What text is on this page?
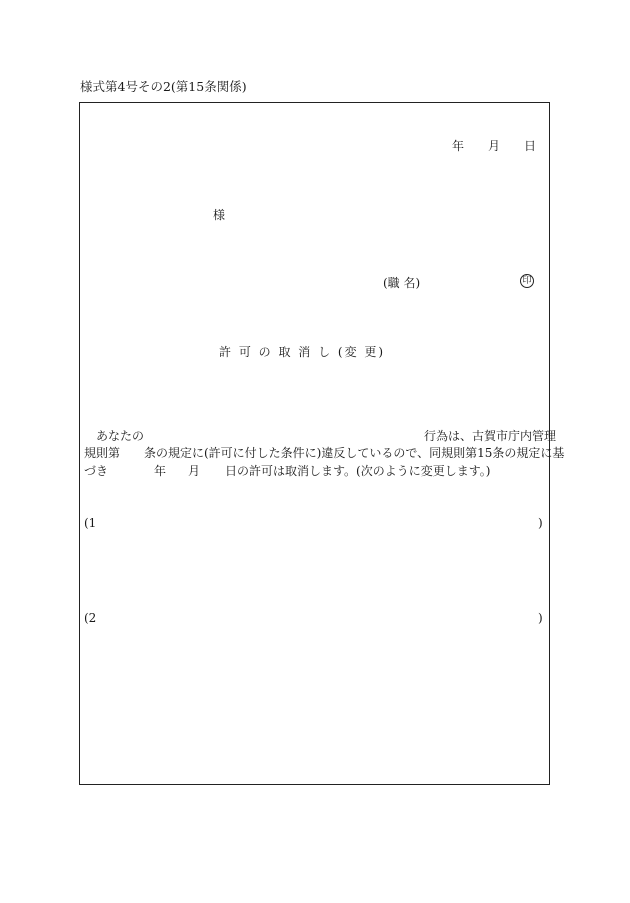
様式第4号その2(第15条関係)
年 月 日
様
(職 名)	印
許 可 の 取 消 し (変 更)
あなたの	行為は、古賀市庁内管理
規則第　　条の規定に(許可に付した条件に)違反しているので、同規則第15条の規定に基
づき	年 月 日の許可は取消します。(次のように変更します。)
(1	)
(2	)
